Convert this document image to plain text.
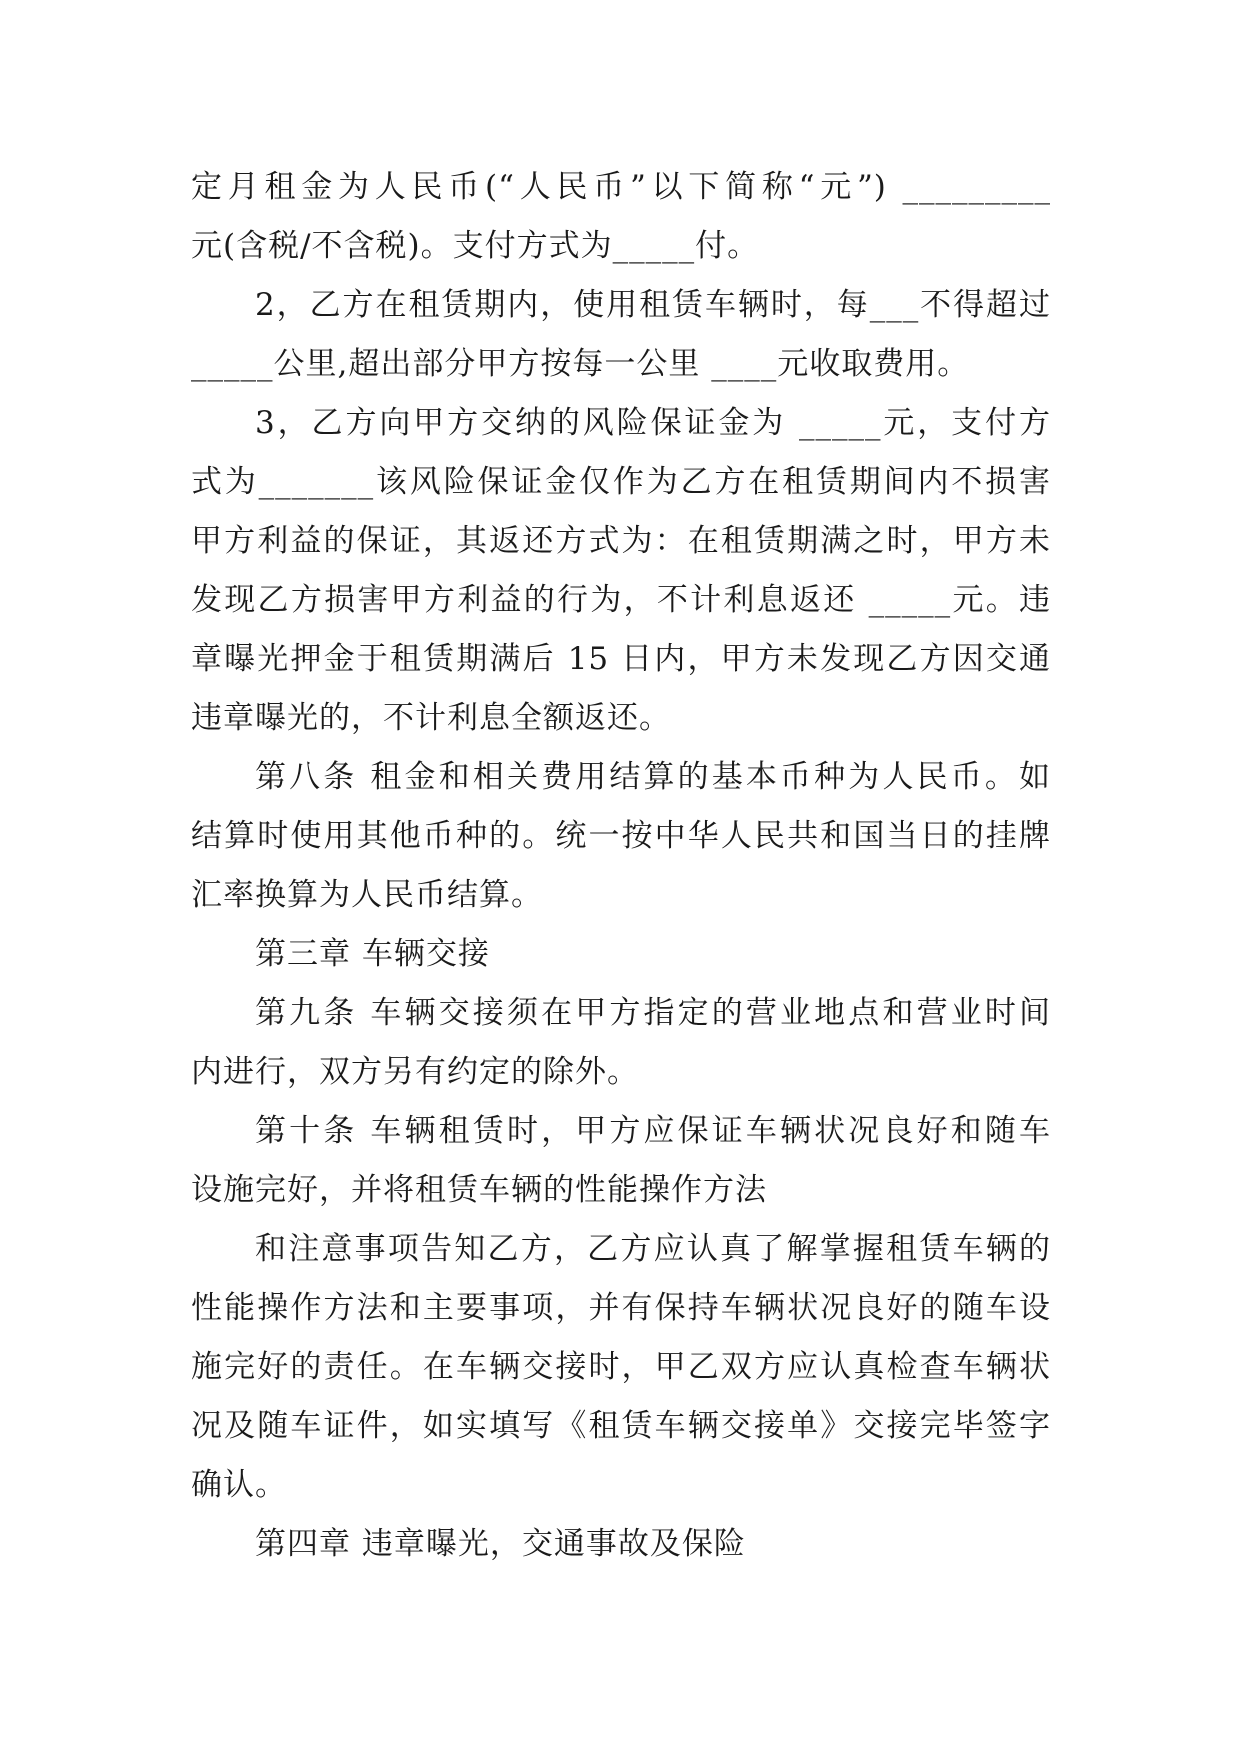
定月租金为人民币(“人民币”以下简称“元”) _________
元(含税/不含税)。支付方式为_____付。
2，乙方在租赁期内，使用租赁车辆时，每___不得超过
_____公里,超出部分甲方按每一公里 ____元收取费用。
3，乙方向甲方交纳的风险保证金为 _____元，支付方
式为_______该风险保证金仅作为乙方在租赁期间内不损害
甲方利益的保证，其返还方式为：在租赁期满之时，甲方未
发现乙方损害甲方利益的行为，不计利息返还 _____元。违
章曝光押金于租赁期满后 15 日内，甲方未发现乙方因交通
违章曝光的，不计利息全额返还。
第八条 租金和相关费用结算的基本币种为人民币。如
结算时使用其他币种的。统一按中华人民共和国当日的挂牌
汇率换算为人民币结算。
第三章 车辆交接
第九条 车辆交接须在甲方指定的营业地点和营业时间
内进行，双方另有约定的除外。
第十条 车辆租赁时，甲方应保证车辆状况良好和随车
设施完好，并将租赁车辆的性能操作方法
和注意事项告知乙方，乙方应认真了解掌握租赁车辆的
性能操作方法和主要事项，并有保持车辆状况良好的随车设
施完好的责任。在车辆交接时，甲乙双方应认真检查车辆状
况及随车证件，如实填写《租赁车辆交接单》交接完毕签字
确认。
第四章 违章曝光，交通事故及保险
